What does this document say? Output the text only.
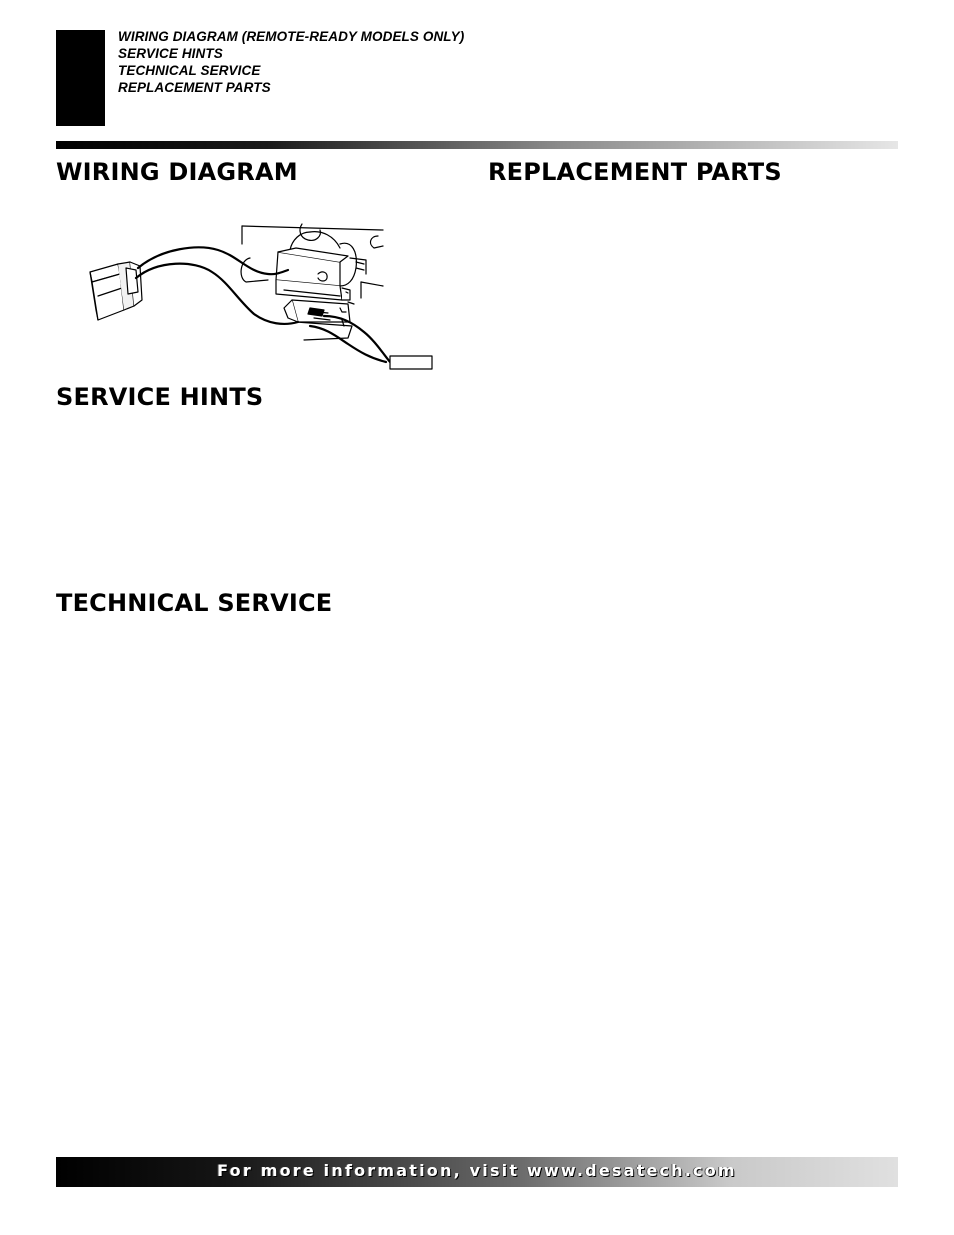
WIRING DIAGRAM (REMOTE-READY MODELS ONLY)
SERVICE HINTS
TECHNICAL SERVICE
REPLACEMENT PARTS
WIRING DIAGRAM	REPLACEMENT PARTS
SERVICE HINTS
TECHNICAL SERVICE
For more information, visit www.desatech.com
